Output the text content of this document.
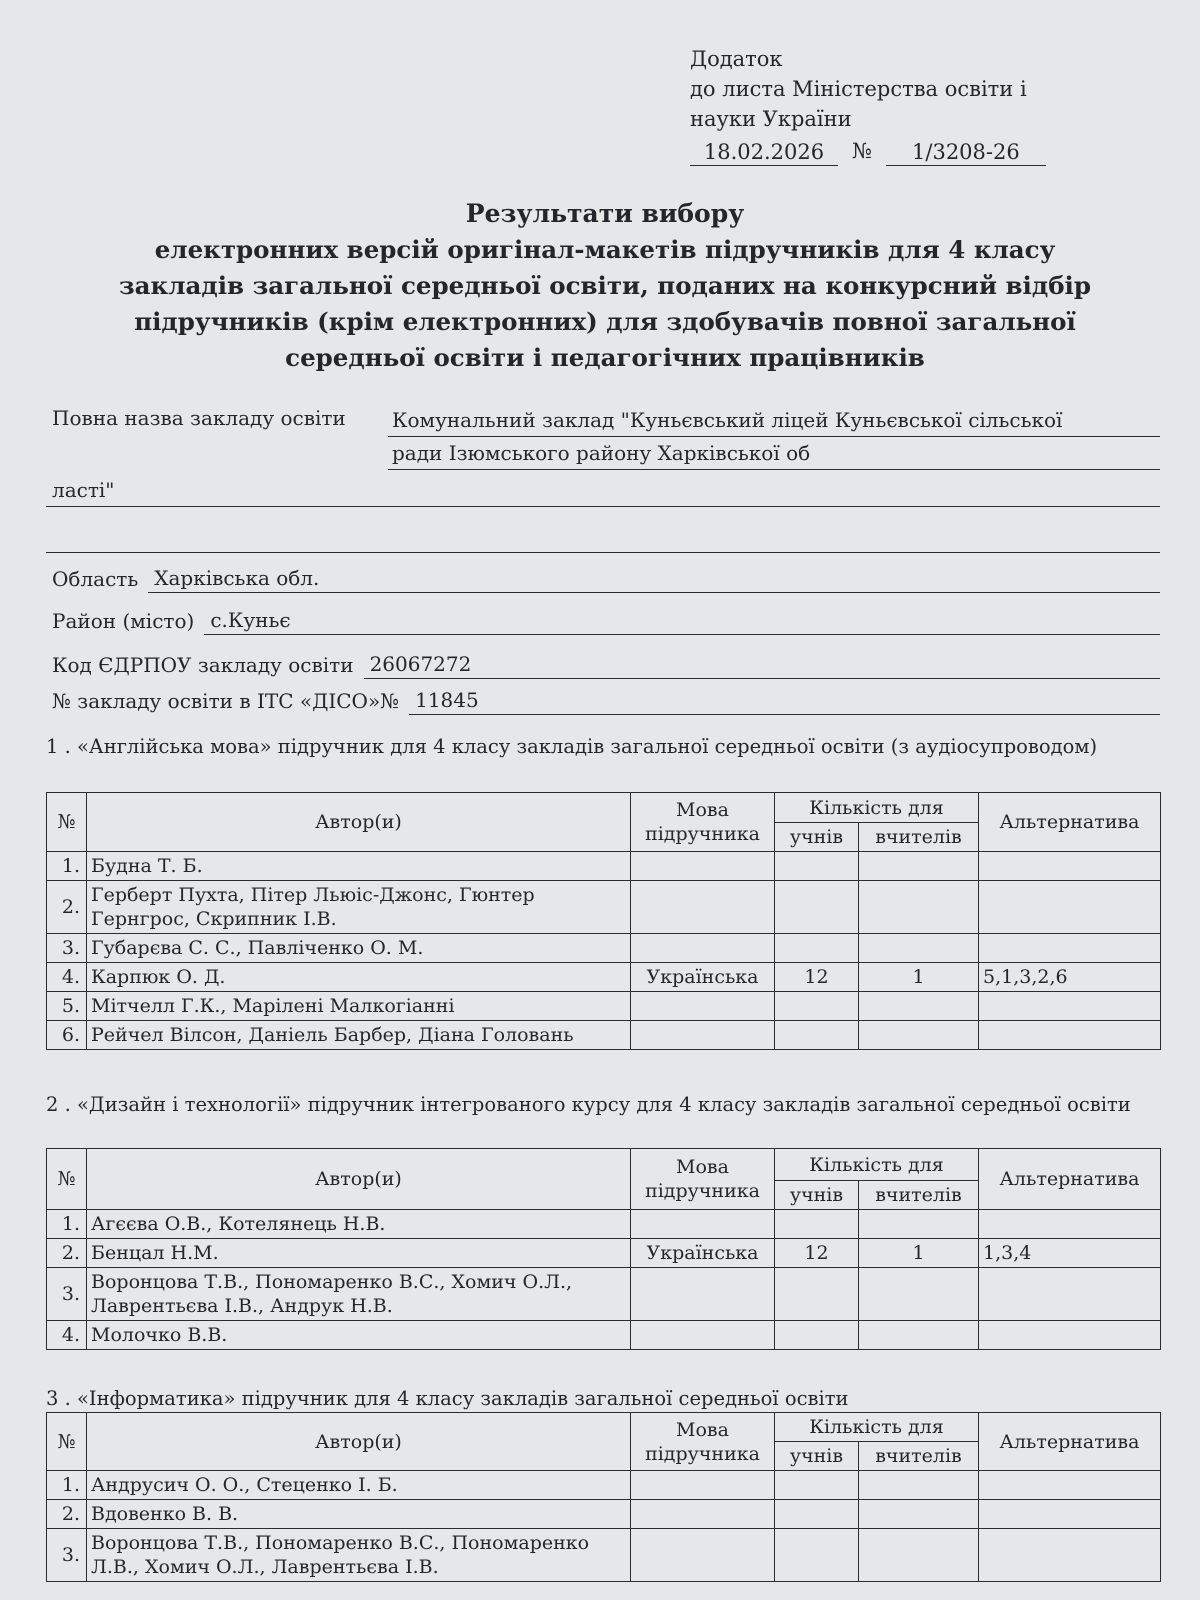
Додаток
до листа Міністерства освіти і
науки України
18.02.2026	№	1/3208-26
Результати вибору
електронних версій оригінал-макетів підручників для 4 класу
закладів загальної середньої освіти, поданих на конкурсний відбір
підручників (крім електронних) для здобувачів повної загальної
середньої освіти і педагогічних працівників
Повна назва закладу освіти	Комунальний заклад "Куньєвський ліцей Куньєвської сільської
ради Ізюмського району Харківської об
ласті"
Область Харківська обл.
Район (місто) с.Куньє
Код ЄДРПОУ закладу освіти 26067272
№ закладу освіти в ІТС «ДІСО»№ 11845
1 . «Англійська мова» підручник для 4 класу закладів загальної середньої освіти (з аудіосупроводом)
№	Автор(и)	Мова підручника	Кількість для		Альтернатива
			учнів	вчителів	
1.	Будна Т. Б.				
2.	Герберт Пухта, Пітер Льюіс-Джонс, Гюнтер Гернгрос, Скрипник І.В.				
3.	Губарєва С. С., Павліченко О. М.				
4.	Карпюк О. Д.	Українська	12	1	5,1,3,2,6
5.	Мітчелл Г.К., Марілені Малкогіанні				
6.	Рейчел Вілсон, Даніель Барбер, Діана Головань				
2 . «Дизайн і технології» підручник інтегрованого курсу для 4 класу закладів загальної середньої освіти
№	Автор(и)	Мова підручника	Кількість для		Альтернатива
			учнів	вчителів	
1.	Агєєва О.В., Котелянець Н.В.				
2.	Бенцал Н.М.	Українська	12	1	1,3,4
3.	Воронцова Т.В., Пономаренко В.С., Хомич О.Л., Лаврентьєва І.В., Андрук Н.В.				
4.	Молочко В.В.				
3 . «Інформатика» підручник для 4 класу закладів загальної середньої освіти
№	Автор(и)	Мова підручника	Кількість для		Альтернатива
			учнів	вчителів	
1.	Андрусич О. О., Стеценко І. Б.				
2.	Вдовенко В. В.				
3.	Воронцова Т.В., Пономаренко В.С., Пономаренко Л.В., Хомич О.Л., Лаврентьєва І.В.				
